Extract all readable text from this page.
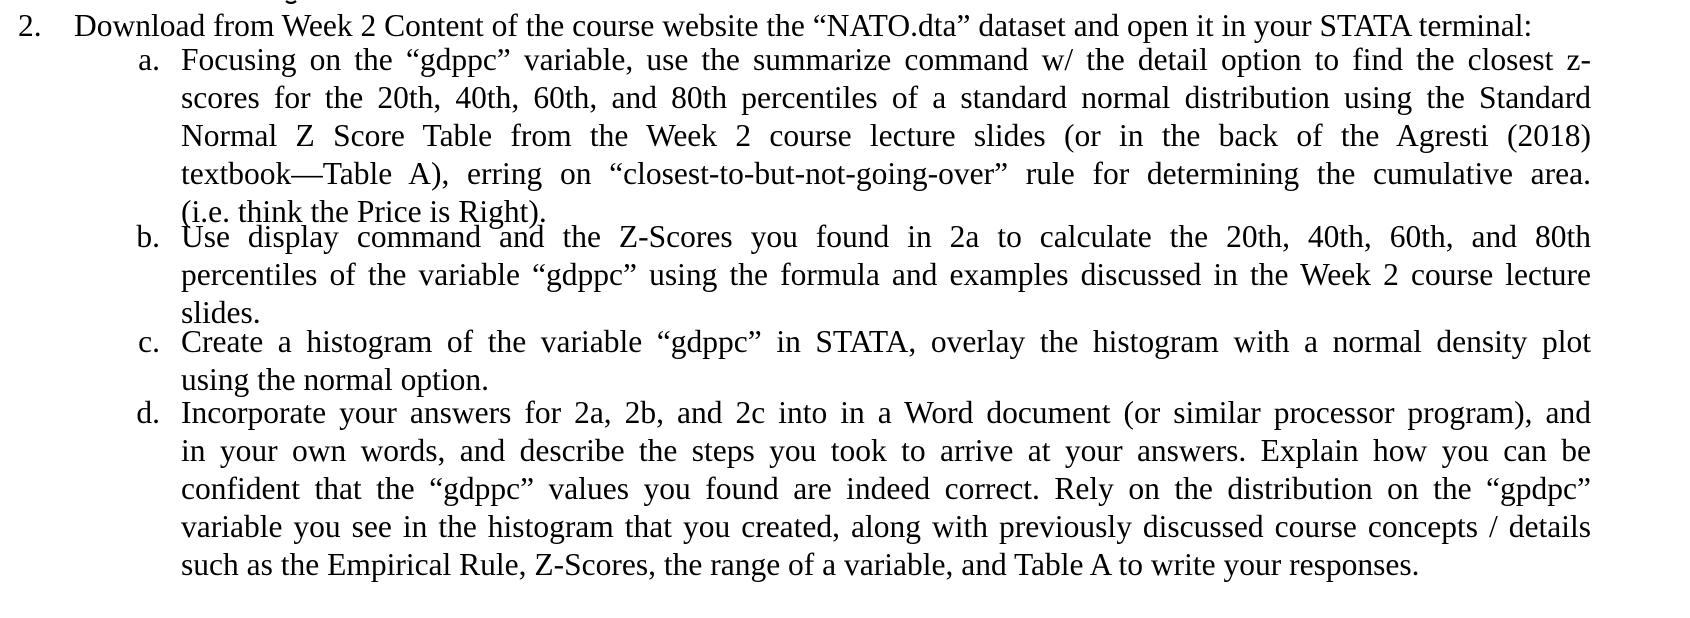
2. Download from Week 2 Content of the course website the “NATO.dta” dataset and open it in your STATA terminal:
a. Focusing on the “gdppc” variable, use the summarize command w/ the detail option to find the closest z-
scores for the 20th, 40th, 60th, and 80th percentiles of a standard normal distribution using the Standard
Normal Z Score Table from the Week 2 course lecture slides (or in the back of the Agresti (2018)
textbook—Table A), erring on “closest-to-but-not-going-over” rule for determining the cumulative area.
(i.e. think the Price is Right).
b. Use display command and the Z-Scores you found in 2a to calculate the 20th, 40th, 60th, and 80th
percentiles of the variable “gdppc” using the formula and examples discussed in the Week 2 course lecture
slides.
c. Create a histogram of the variable “gdppc” in STATA, overlay the histogram with a normal density plot
using the normal option.
d. Incorporate your answers for 2a, 2b, and 2c into in a Word document (or similar processor program), and
in your own words, and describe the steps you took to arrive at your answers. Explain how you can be
confident that the “gdppc” values you found are indeed correct. Rely on the distribution on the “gpdpc”
variable you see in the histogram that you created, along with previously discussed course concepts / details
such as the Empirical Rule, Z-Scores, the range of a variable, and Table A to write your responses.
